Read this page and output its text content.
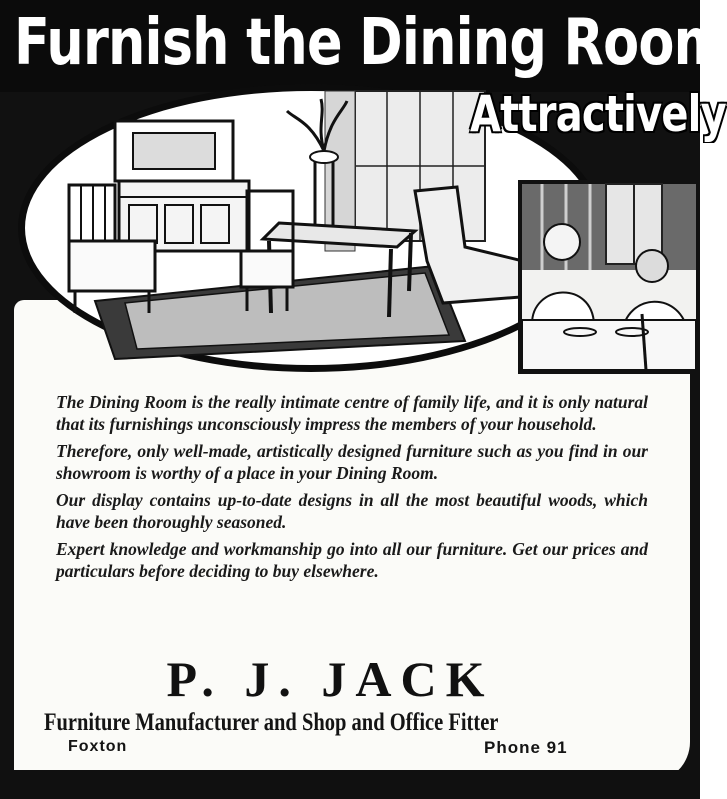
Furnish the Dining Room
Attractively

The Dining Room is the really intimate centre of family life, and it is only natural that its furnishings unconsciously impress the members of your household.

Therefore, only well-made, artistically designed furniture such as you find in our showroom is worthy of a place in your Dining Room.

Our display contains up-to-date designs in all the most beautiful woods, which have been thoroughly seasoned.

Expert knowledge and workmanship go into all our furniture. Get our prices and particulars before deciding to buy elsewhere.

P. J. JACK
Furniture Manufacturer and Shop and Office Fitter
Foxton	Phone 91
